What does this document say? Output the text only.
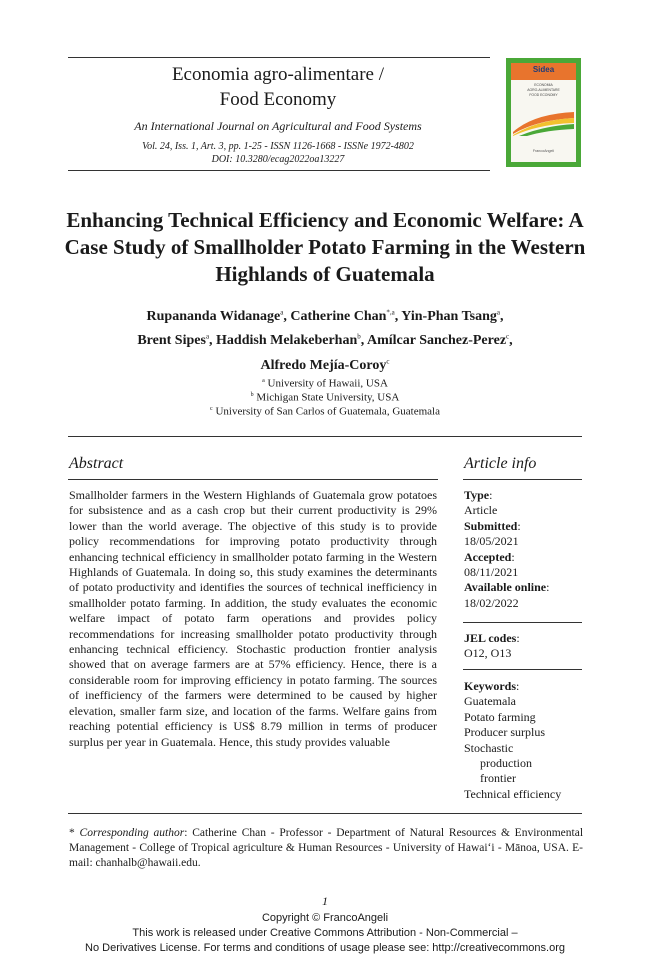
Economia agro-alimentare /
Food Economy
An International Journal on Agricultural and Food Systems
Vol. 24, Iss. 1, Art. 3, pp. 1-25 - ISSN 1126-1668 - ISSNe 1972-4802
DOI: 10.3280/ecag2022oa13227
Sidea
ECONOMIA
AGRO-ALIMENTARE
FOOD ECONOMY
FrancoAngeli
Enhancing Technical Efficiency and Economic Welfare: A Case Study of Smallholder Potato Farming in the Western Highlands of Guatemala
Rupananda Widanage$^a$, Catherine Chan$^{*,a}$, Yin-Phan Tsang$^a$,
Brent Sipes$^a$, Haddish Melakeberhan$^b$, Amílcar Sanchez-Perez$^c$,
Alfredo Mejía-Coroy$^c$
$^a$ University of Hawaii, USA
$^b$ Michigan State University, USA
$^c$ University of San Carlos of Guatemala, Guatemala
Abstract
Smallholder farmers in the Western Highlands of Guatemala grow potatoes for subsistence and as a cash crop but their current productivity is 29% lower than the world average. The objective of this study is to provide policy recommendations for improving potato productivity through enhancing technical efficiency in smallholder potato farming in the Western Highlands of Guatemala. In doing so, this study examines the determinants of potato productivity and identifies the sources of technical inefficiency in smallholder potato farming. In addition, the study evaluates the economic welfare impact of potato farm operations and provides policy recommendations for increasing smallholder potato productivity through enhancing technical efficiency. Stochastic production frontier analysis showed that on average farmers are at 57% efficiency. Hence, there is a considerable room for improving efficiency in potato farming. The sources of inefficiency of the farmers were determined to be caused by higher elevation, smaller farm size, and location of the farms. Welfare gains from reaching potential efficiency is US$ 8.79 million in terms of producer surplus per year in Guatemala. Hence, this study provides valuable
Article info
Type:
Article
Submitted:
18/05/2021
Accepted:
08/11/2021
Available online:
18/02/2022
JEL codes:
O12, O13
Keywords:
Guatemala
Potato farming
Producer surplus
Stochastic production frontier
Technical efficiency
* Corresponding author: Catherine Chan - Professor - Department of Natural Resources & Environmental Management - College of Tropical agriculture & Human Resources - University of Hawai‘i - Mānoa, USA. E-mail: chanhalb@hawaii.edu.
1
Copyright © FrancoAngeli
This work is released under Creative Commons Attribution - Non-Commercial –
No Derivatives License. For terms and conditions of usage please see: http://creativecommons.org
